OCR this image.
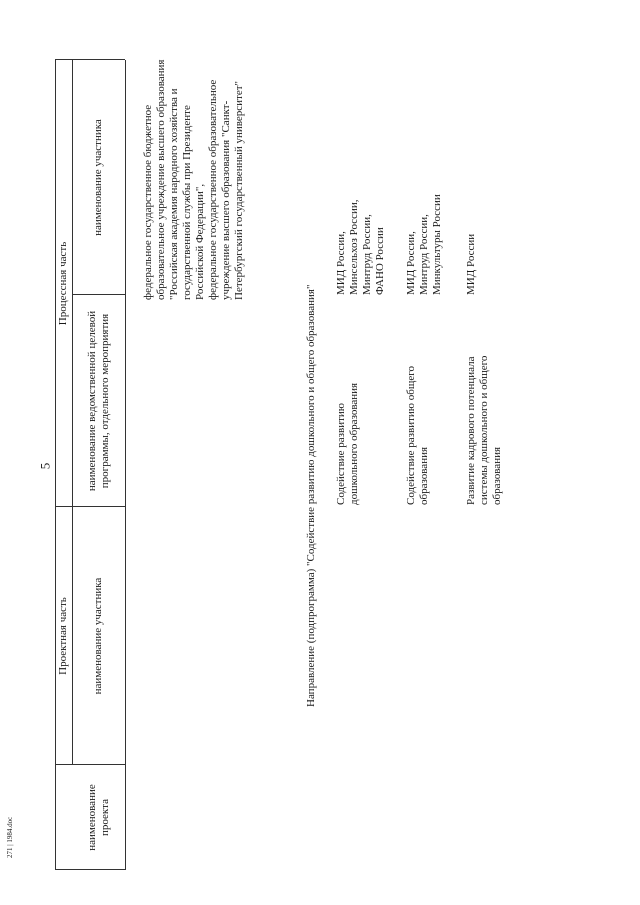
5
271 | 1984.doc
Проектная часть
Процессная часть
наименование проекта
наименование участника
наименование ведомственной целевой программы, отдельного мероприятия
наименование участника
федеральное государственное бюджетное образовательное учреждение высшего образования "Российская академия народного хозяйства и государственной службы при Президенте Российской Федерации",
федеральное государственное образовательное учреждение высшего образования "Санкт-Петербургский государственный университет"
Направление (подпрограмма) "Содействие развитию дошкольного и общего образования" Содействие развитию
дошкольного образования
МИД России,
Минсельхоз России,
Минтруд России,
ФАНО России
Содействие развитию общего
образования
МИД России,
Минтруд России,
Минкультуры России
Развитие кадрового потенциала
системы дошкольного и общего
образования
МИД России
